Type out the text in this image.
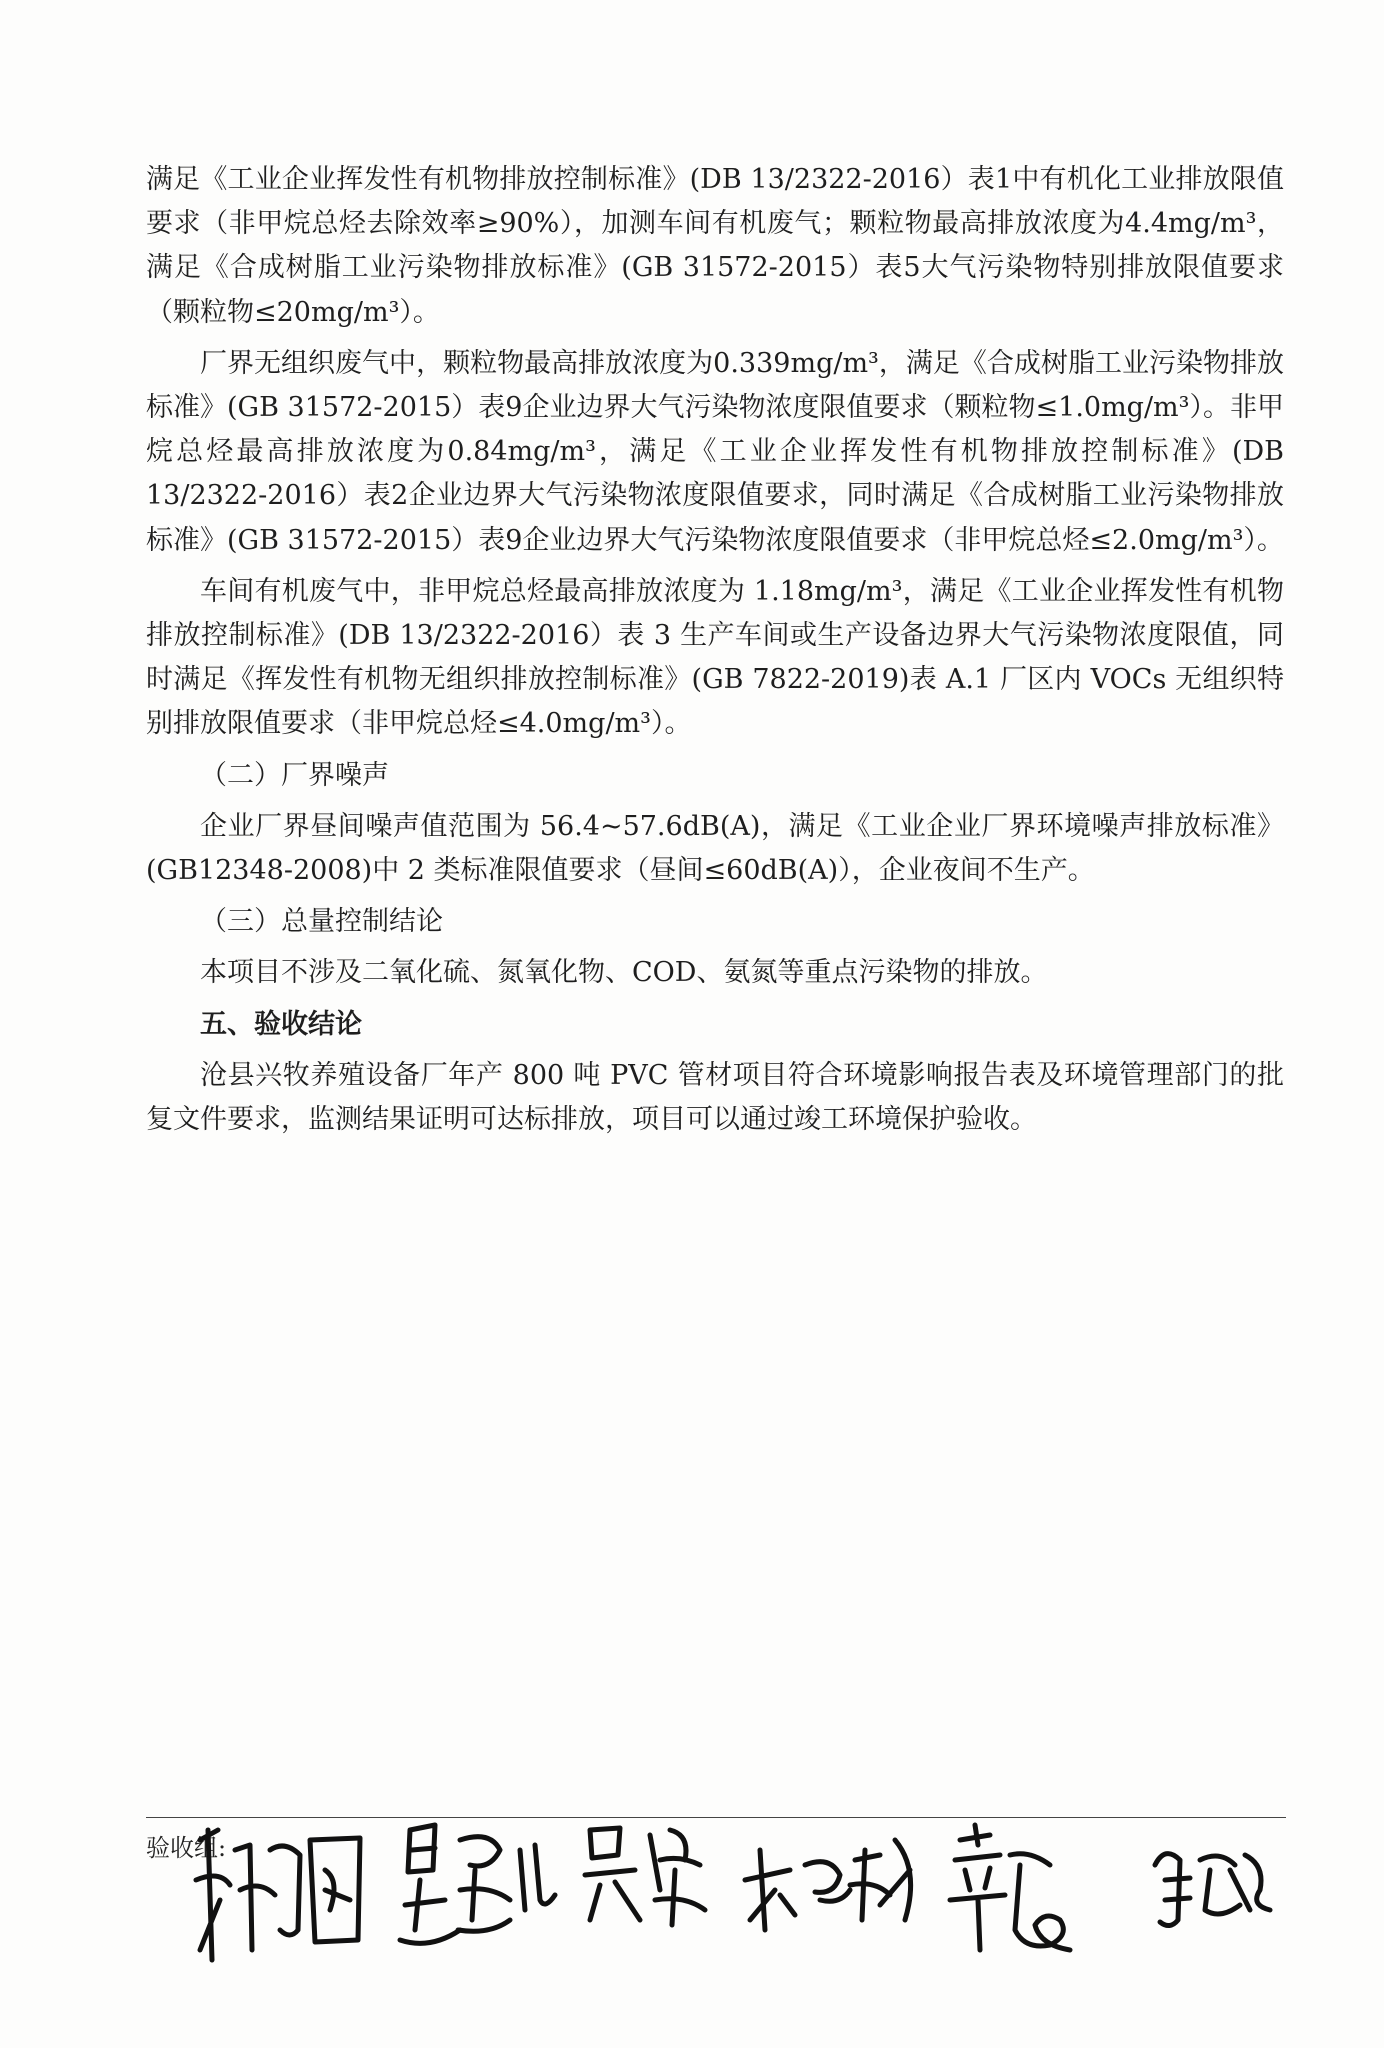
满足《工业企业挥发性有机物排放控制标准》(DB 13/2322-2016）表1中有机化工业排放限值要求（非甲烷总烃去除效率≥90%），加测车间有机废气；颗粒物最高排放浓度为4.4mg/m³，满足《合成树脂工业污染物排放标准》(GB 31572-2015）表5大气污染物特别排放限值要求（颗粒物≤20mg/m³）。

厂界无组织废气中，颗粒物最高排放浓度为0.339mg/m³，满足《合成树脂工业污染物排放标准》(GB 31572-2015）表9企业边界大气污染物浓度限值要求（颗粒物≤1.0mg/m³）。非甲烷总烃最高排放浓度为0.84mg/m³，满足《工业企业挥发性有机物排放控制标准》(DB 13/2322-2016）表2企业边界大气污染物浓度限值要求，同时满足《合成树脂工业污染物排放标准》(GB 31572-2015）表9企业边界大气污染物浓度限值要求（非甲烷总烃≤2.0mg/m³）。

车间有机废气中，非甲烷总烃最高排放浓度为 1.18mg/m³，满足《工业企业挥发性有机物排放控制标准》(DB 13/2322-2016）表 3 生产车间或生产设备边界大气污染物浓度限值，同时满足《挥发性有机物无组织排放控制标准》(GB 7822-2019)表 A.1 厂区内 VOCs 无组织特别排放限值要求（非甲烷总烃≤4.0mg/m³）。

（二）厂界噪声

企业厂界昼间噪声值范围为 56.4~57.6dB(A)，满足《工业企业厂界环境噪声排放标准》(GB12348-2008)中 2 类标准限值要求（昼间≤60dB(A)），企业夜间不生产。

（三）总量控制结论

本项目不涉及二氧化硫、氮氧化物、COD、氨氮等重点污染物的排放。

五、验收结论

沧县兴牧养殖设备厂年产 800 吨 PVC 管材项目符合环境影响报告表及环境管理部门的批复文件要求，监测结果证明可达标排放，项目可以通过竣工环境保护验收。

验收组:
